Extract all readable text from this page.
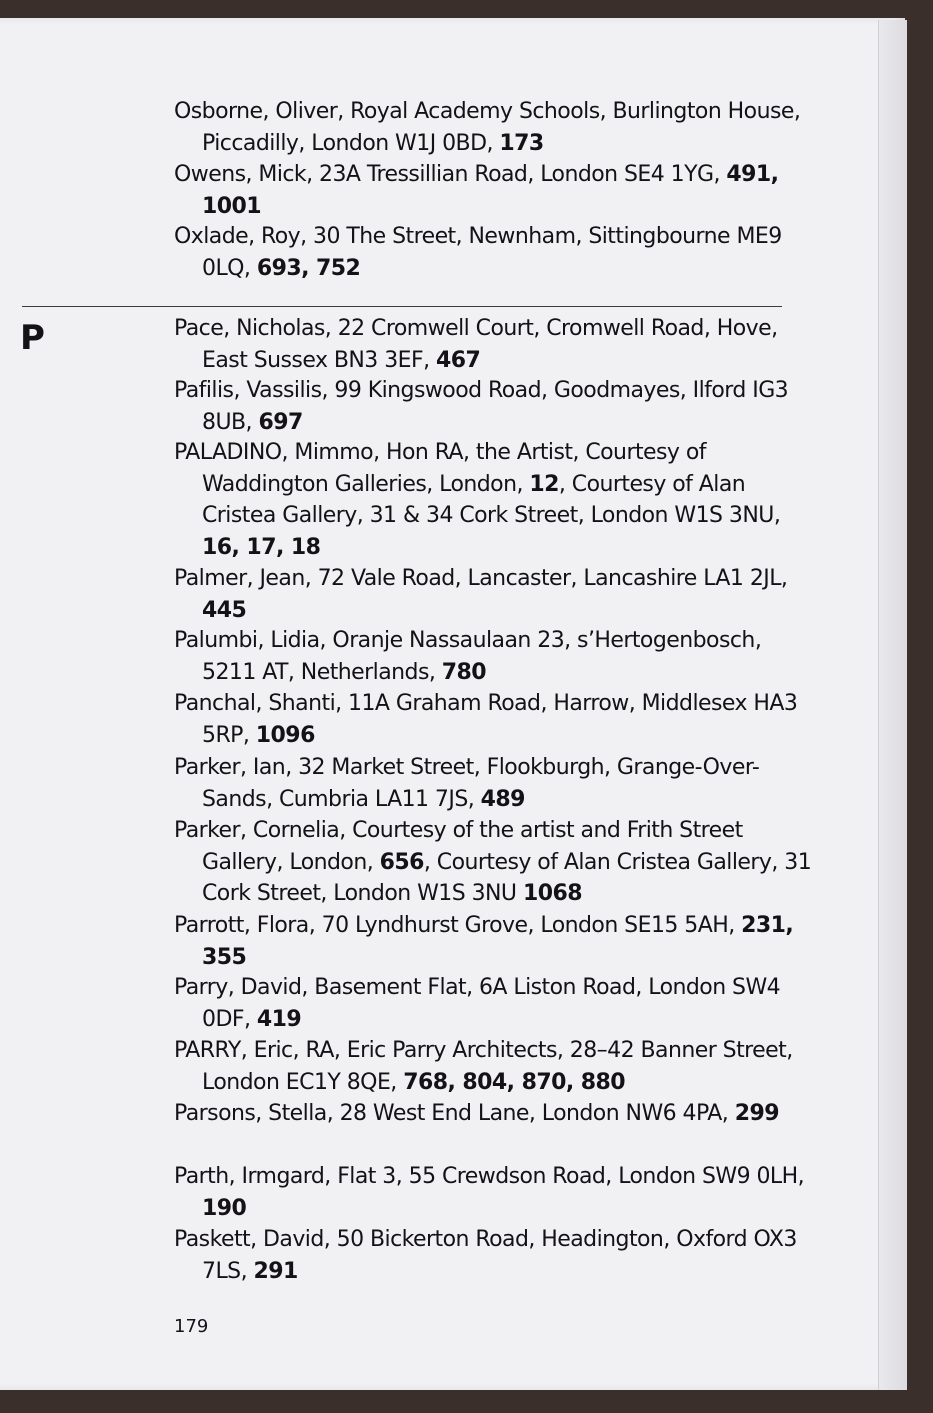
P
Osborne, Oliver, Royal Academy Schools, Burlington House, Piccadilly, London W1J 0BD, 173
Owens, Mick, 23A Tressillian Road, London SE4 1YG, 491, 1001
Oxlade, Roy, 30 The Street, Newnham, Sittingbourne ME9 0LQ, 693, 752
Pace, Nicholas, 22 Cromwell Court, Cromwell Road, Hove, East Sussex BN3 3EF, 467
Pafilis, Vassilis, 99 Kingswood Road, Goodmayes, Ilford IG3 8UB, 697
PALADINO, Mimmo, Hon RA, the Artist, Courtesy of Waddington Galleries, London, 12, Courtesy of Alan Cristea Gallery, 31 & 34 Cork Street, London W1S 3NU, 16, 17, 18
Palmer, Jean, 72 Vale Road, Lancaster, Lancashire LA1 2JL, 445
Palumbi, Lidia, Oranje Nassaulaan 23, s’Hertogenbosch, 5211 AT, Netherlands, 780
Panchal, Shanti, 11A Graham Road, Harrow, Middlesex HA3 5RP, 1096
Parker, Ian, 32 Market Street, Flookburgh, Grange-Over-Sands, Cumbria LA11 7JS, 489
Parker, Cornelia, Courtesy of the artist and Frith Street Gallery, London, 656, Courtesy of Alan Cristea Gallery, 31 Cork Street, London W1S 3NU 1068
Parrott, Flora, 70 Lyndhurst Grove, London SE15 5AH, 231, 355
Parry, David, Basement Flat, 6A Liston Road, London SW4 0DF, 419
PARRY, Eric, RA, Eric Parry Architects, 28–42 Banner Street, London EC1Y 8QE, 768, 804, 870, 880
Parsons, Stella, 28 West End Lane, London NW6 4PA, 299
Parth, Irmgard, Flat 3, 55 Crewdson Road, London SW9 0LH, 190
Paskett, David, 50 Bickerton Road, Headington, Oxford OX3 7LS, 291
179
